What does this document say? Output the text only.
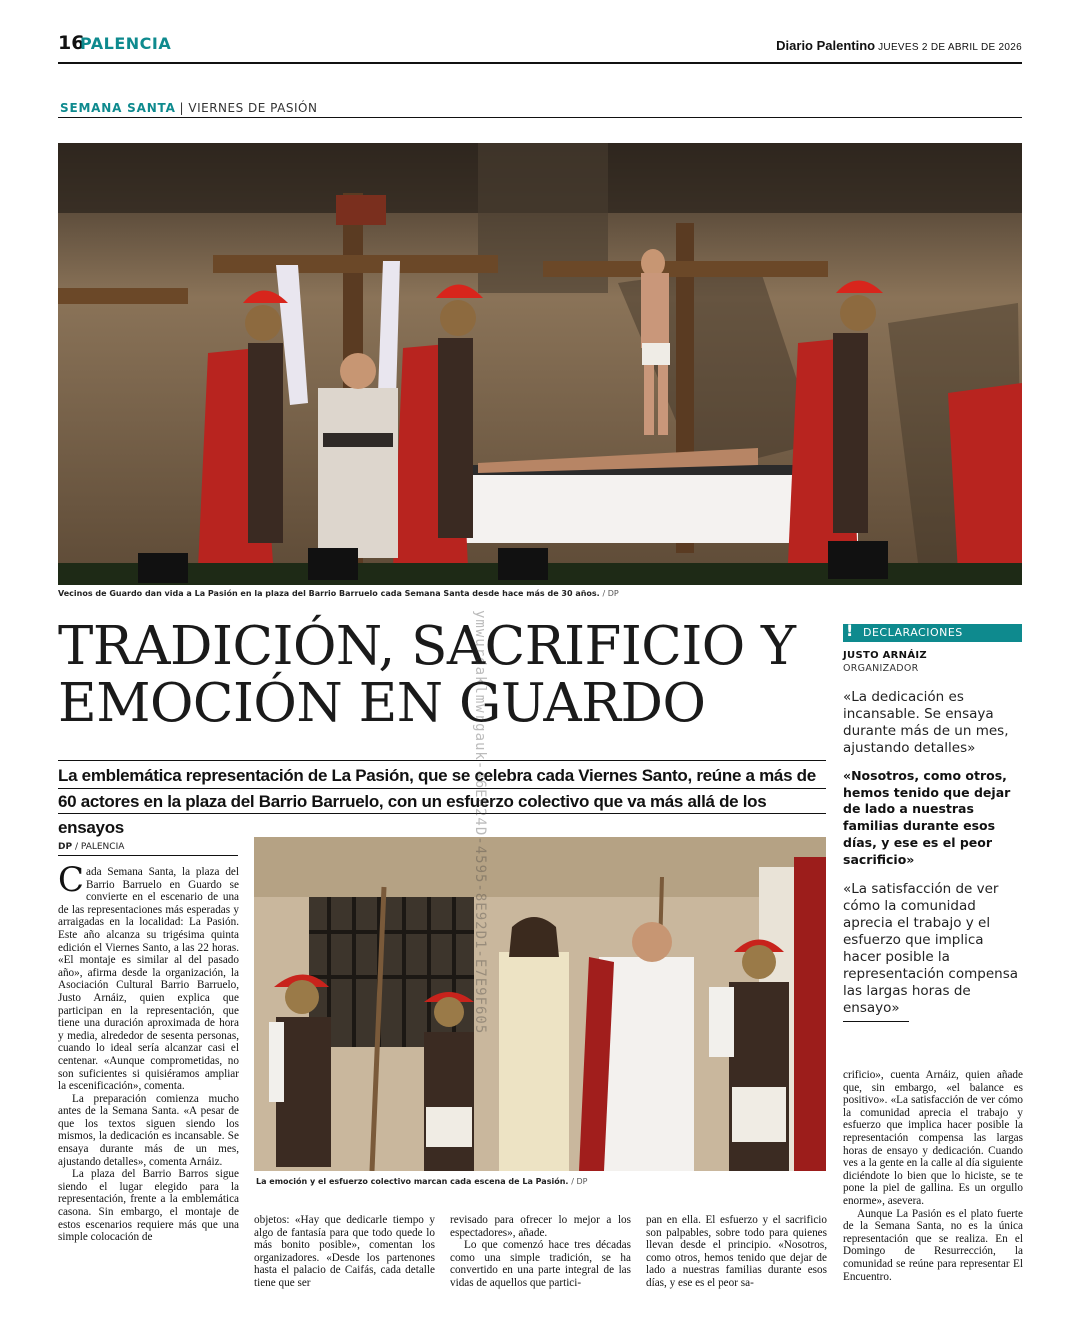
16
PALENCIA	Diario Palentino JUEVES 2 DE ABRIL DE 2026
SEMANA SANTA | VIERNES DE PASIÓN
Vecinos de Guardo dan vida a La Pasión en la plaza del Barrio Barruelo cada Semana Santa desde hace más de 30 años. / DP
TRADICIÓN, SACRIFICIO Y
EMOCIÓN EN GUARDO
La emblemática representación de La Pasión, que se celebra cada Viernes Santo, reúne a más de
60 actores en la plaza del Barrio Barruelo, con un esfuerzo colectivo que va más allá de los ensayos
DP / PALENCIA

Cada Semana Santa, la plaza del Barrio Barruelo en Guardo se convierte en el escenario de una de las representaciones más esperadas y arraigadas en la localidad: La Pasión. Este año alcanza su trigésima quinta edición el Viernes Santo, a las 22 horas. «El montaje es similar al del pasado año», afirma desde la organización, la Asociación Cultural Barrio Barruelo, Justo Arnáiz, quien explica que participan en la representación, que tiene una duración aproximada de hora y media, alrededor de sesenta personas, cuando lo ideal sería alcanzar casi el centenar. «Aunque comprometidas, no son suficientes si quisiéramos ampliar la escenificación», comenta.

La preparación comienza mucho antes de la Semana Santa. «A pesar de que los textos siguen siendo los mismos, la dedicación es incansable. Se ensaya durante más de un mes, ajustando detalles», comenta Arnáiz.

La plaza del Barrio Barros sigue siendo el lugar elegido para la representación, frente a la emblemática casona. Sin embargo, el montaje de estos escenarios requiere más que una simple colocación de

La emoción y el esfuerzo colectivo marcan cada escena de La Pasión. / DP

objetos: «Hay que dedicarle tiempo y algo de fantasía para que todo quede lo más bonito posible», comentan los organizadores. «Desde los partenones hasta el palacio de Caifás, cada detalle tiene que ser

revisado para ofrecer lo mejor a los espectadores», añade.

Lo que comenzó hace tres décadas como una simple tradición, se ha convertido en una parte integral de las vidas de aquellos que partici-

pan en ella. El esfuerzo y el sacrificio son palpables, sobre todo para quienes llevan desde el principio. «Nosotros, como otros, hemos tenido que dejar de lado a nuestras familias durante esos días, y ese es el peor sa-

crificio», cuenta Arnáiz, quien añade que, sin embargo, «el balance es positivo». «La satisfacción de ver cómo la comunidad aprecia el trabajo y esfuerzo que implica hacer posible la representación compensa las largas horas de ensayo y dedicación. Cuando ves a la gente en la calle al día siguiente diciéndote lo bien que lo hiciste, se te pone la piel de gallina. Es un orgullo enorme», asevera.

Aunque La Pasión es el plato fuerte de la Semana Santa, no es la única representación que se realiza. En el Domingo de Resurrección, la comunidad se reúne para representar El Encuentro.

! DECLARACIONES
JUSTO ARNÁIZ
ORGANIZADOR
«La dedicación es incansable. Se ensaya durante más de un mes, ajustando detalles»
«Nosotros, como otros, hemos tenido que dejar de lado a nuestras familias durante esos días, y ese es el peor sacrificio»
«La satisfacción de ver cómo la comunidad aprecia el trabajo y el esfuerzo que implica hacer posible la representación compensa las largas horas de ensayo»
ymwurdaklmwrgauk-46EB24D-4595-8E92D1-E7E9F605
